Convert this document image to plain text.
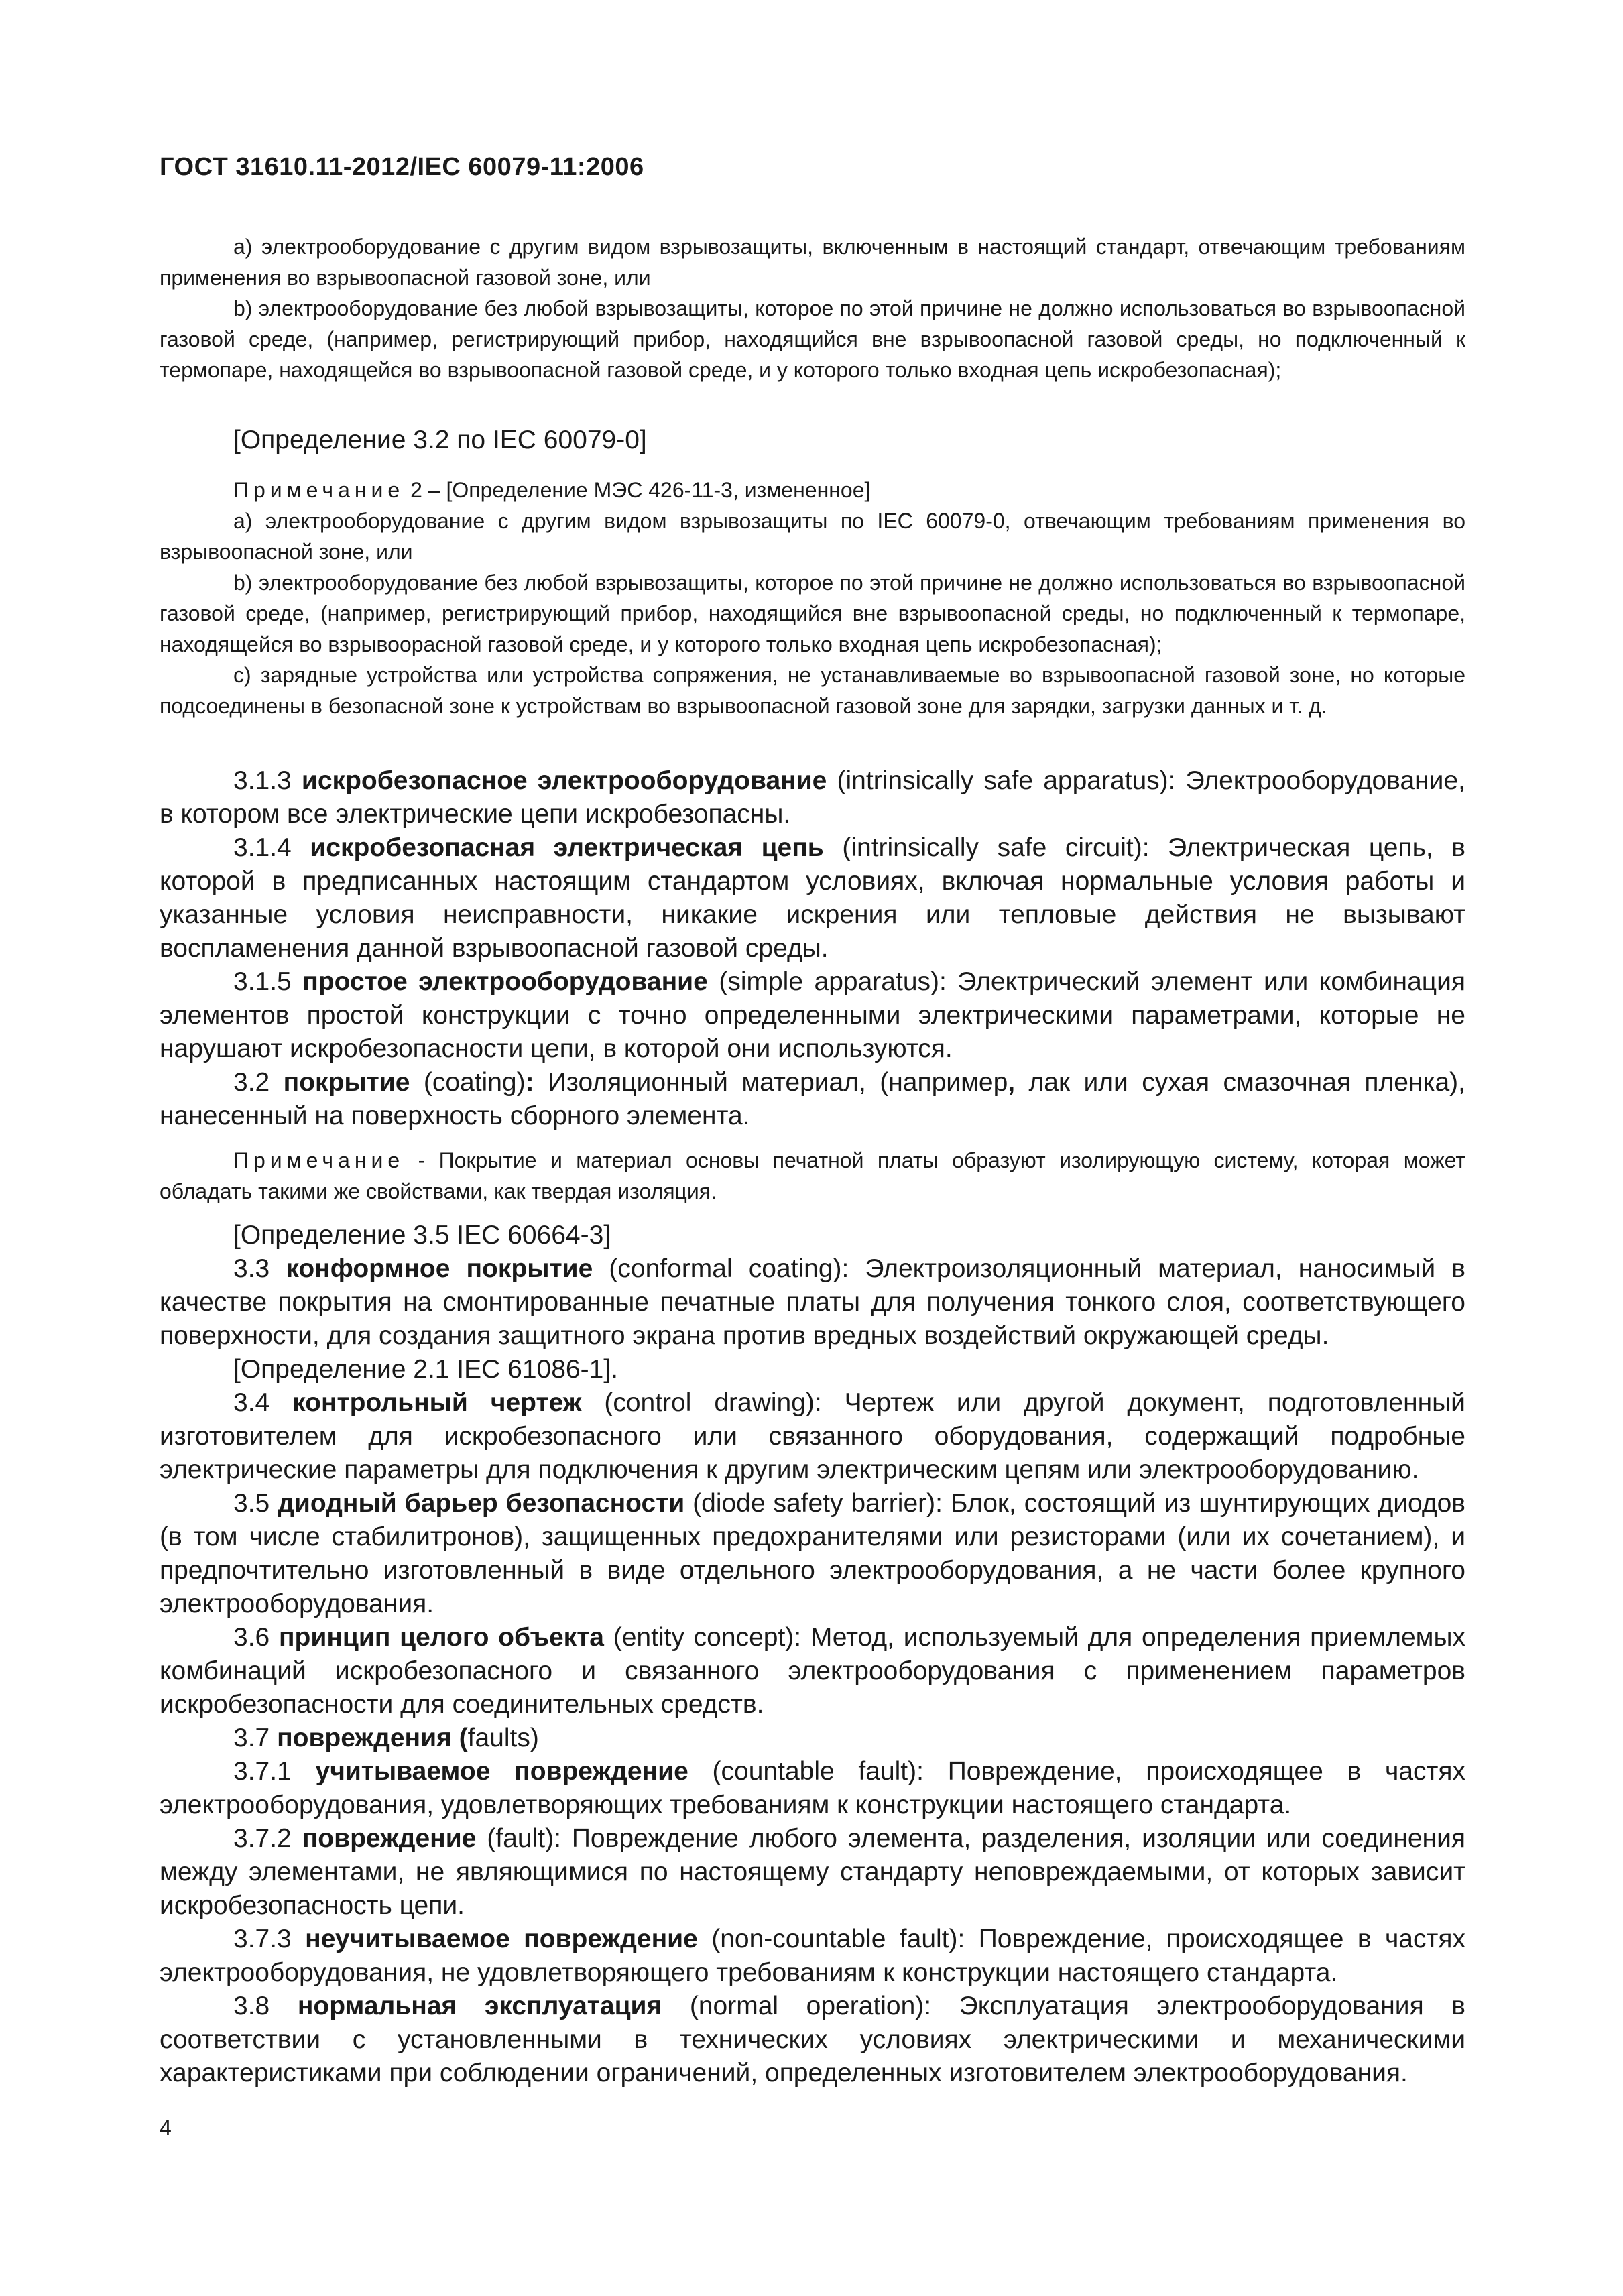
ГОСТ 31610.11-2012/IEC 60079-11:2006

a) электрооборудование с другим видом взрывозащиты, включенным в настоящий стандарт, отвечающим требованиям применения во взрывоопасной газовой зоне, или

b) электрооборудование без любой взрывозащиты, которое по этой причине не должно использоваться во взрывоопасной газовой среде, (например, регистрирующий прибор, находящийся вне взрывоопасной газовой среды, но подключенный к термопаре, находящейся во взрывоопасной газовой среде, и у которого только входная цепь искробезопасная);

[Определение 3.2 по IEC 60079-0]

Примечание 2 – [Определение МЭС 426-11-3, измененное]

a) электрооборудование с другим видом взрывозащиты по IEC 60079-0, отвечающим требованиям применения во взрывоопасной зоне, или

b) электрооборудование без любой взрывозащиты, которое по этой причине не должно использоваться во взрывоопасной газовой среде, (например, регистрирующий прибор, находящийся вне взрывоопасной среды, но подключенный к термопаре, находящейся во взрывоорасной газовой среде, и у которого только входная цепь искробезопасная);

c) зарядные устройства или устройства сопряжения, не устанавливаемые во взрывоопасной газовой зоне, но которые подсоединены в безопасной зоне к устройствам во взрывоопасной газовой зоне для зарядки, загрузки данных и т. д.

3.1.3 искробезопасное электрооборудование (intrinsically safe apparatus): Электрооборудование, в котором все электрические цепи искробезопасны.

3.1.4 искробезопасная электрическая цепь (intrinsically safe circuit): Электрическая цепь, в которой в предписанных настоящим стандартом условиях, включая нормальные условия работы и указанные условия неисправности, никакие искрения или тепловые действия не вызывают воспламенения данной взрывоопасной газовой среды.

3.1.5 простое электрооборудование (simple apparatus): Электрический элемент или комбинация элементов простой конструкции с точно определенными электрическими параметрами, которые не нарушают искробезопасности цепи, в которой они используются.

3.2 покрытие (coating): Изоляционный материал, (например, лак или сухая смазочная пленка), нанесенный на поверхность сборного элемента.

Примечание - Покрытие и материал основы печатной платы образуют изолирующую систему, которая может обладать такими же свойствами, как твердая изоляция.

[Определение 3.5 IEC 60664-3]

3.3 конформное покрытие (conformal coating): Электроизоляционный материал, наносимый в качестве покрытия на смонтированные печатные платы для получения тонкого слоя, соответствующего поверхности, для создания защитного экрана против вредных воздействий окружающей среды.

[Определение 2.1 IEC 61086-1].

3.4 контрольный чертеж (control drawing): Чертеж или другой документ, подготовленный изготовителем для искробезопасного или связанного оборудования, содержащий подробные электрические параметры для подключения к другим электрическим цепям или электрооборудованию.

3.5 диодный барьер безопасности (diode safety barrier): Блок, состоящий из шунтирующих диодов (в том числе стабилитронов), защищенных предохранителями или резисторами (или их сочетанием), и предпочтительно изготовленный в виде отдельного электрооборудования, а не части более крупного электрооборудования.

3.6 принцип целого объекта (entity concept): Метод, используемый для определения приемлемых комбинаций искробезопасного и связанного электрооборудования с применением параметров искробезопасности для соединительных средств.

3.7 повреждения (faults)

3.7.1 учитываемое повреждение (countable fault): Повреждение, происходящее в частях электрооборудования, удовлетворяющих требованиям к конструкции настоящего стандарта.

3.7.2 повреждение (fault): Повреждение любого элемента, разделения, изоляции или соединения между элементами, не являющимися по настоящему стандарту неповреждаемыми, от которых зависит искробезопасность цепи.

3.7.3 неучитываемое повреждение (non-countable fault): Повреждение, происходящее в частях электрооборудования, не удовлетворяющего требованиям к конструкции настоящего стандарта.

3.8 нормальная эксплуатация (normal operation): Эксплуатация электрооборудования в соответствии с установленными в технических условиях электрическими и механическими характеристиками при соблюдении ограничений, определенных изготовителем электрооборудования.

4
